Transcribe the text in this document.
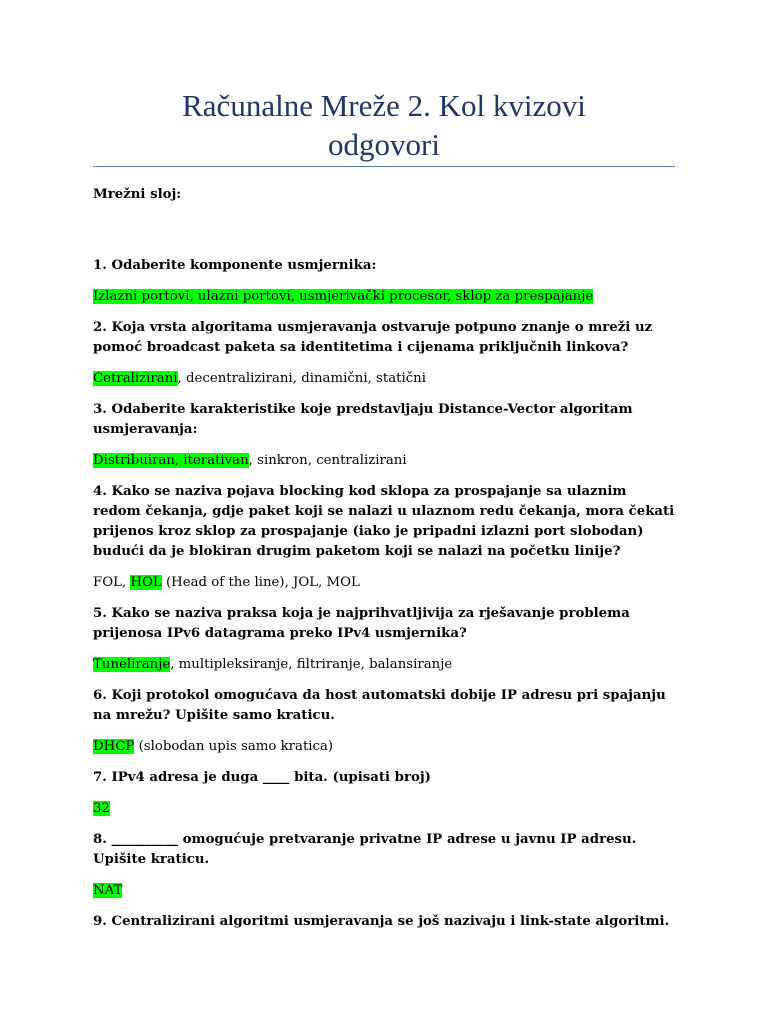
Računalne Mreže 2. Kol kvizovi
odgovori
Mrežni sloj:
1. Odaberite komponente usmjernika:
Izlazni portovi, ulazni portovi, usmjerivački procesor, sklop za prespajanje
2. Koja vrsta algoritama usmjeravanja ostvaruje potpuno znanje o mreži uz pomoć broadcast paketa sa identitetima i cijenama priključnih linkova?
Cetralizirani, decentralizirani, dinamični, statični
3. Odaberite karakteristike koje predstavljaju Distance-Vector algoritam usmjeravanja:
Distribuiran, iterativan, sinkron, centralizirani
4. Kako se naziva pojava blocking kod sklopa za prospajanje sa ulaznim redom čekanja, gdje paket koji se nalazi u ulaznom redu čekanja, mora čekati prijenos kroz sklop za prospajanje (iako je pripadni izlazni port slobodan) budući da je blokiran drugim paketom koji se nalazi na početku linije?
FOL, HOL (Head of the line), JOL, MOL
5. Kako se naziva praksa koja je najprihvatljivija za rješavanje problema prijenosa IPv6 datagrama preko IPv4 usmjernika?
Tuneliranje, multipleksiranje, filtriranje, balansiranje
6. Koji protokol omogućava da host automatski dobije IP adresu pri spajanju na mrežu? Upišite samo kraticu.
DHCP (slobodan upis samo kratica)
7. IPv4 adresa je duga ____ bita. (upisati broj)
32
8. __________ omogućuje pretvaranje privatne IP adrese u javnu IP adresu. Upišite kraticu.
NAT
9. Centralizirani algoritmi usmjeravanja se još nazivaju i link-state algoritmi.
